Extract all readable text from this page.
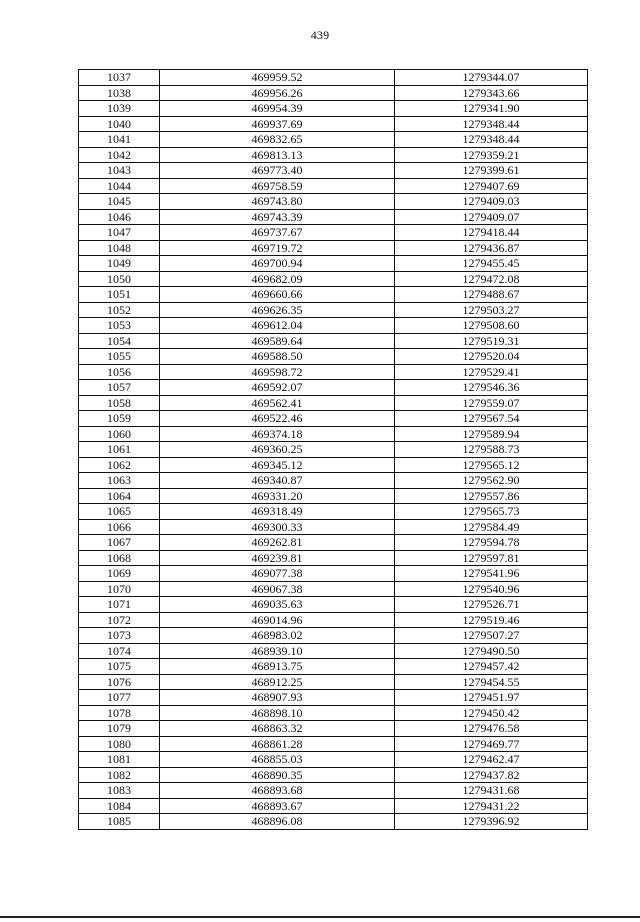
439
1037	469959.52	1279344.07
1038	469956.26	1279343.66
1039	469954.39	1279341.90
1040	469937.69	1279348.44
1041	469832.65	1279348.44
1042	469813.13	1279359.21
1043	469773.40	1279399.61
1044	469758.59	1279407.69
1045	469743.80	1279409.03
1046	469743.39	1279409.07
1047	469737.67	1279418.44
1048	469719.72	1279436.87
1049	469700.94	1279455.45
1050	469682.09	1279472.08
1051	469660.66	1279488.67
1052	469626.35	1279503.27
1053	469612.04	1279508.60
1054	469589.64	1279519.31
1055	469588.50	1279520.04
1056	469598.72	1279529.41
1057	469592.07	1279546.36
1058	469562.41	1279559.07
1059	469522.46	1279567.54
1060	469374.18	1279589.94
1061	469360.25	1279588.73
1062	469345.12	1279565.12
1063	469340.87	1279562.90
1064	469331.20	1279557.86
1065	469318.49	1279565.73
1066	469300.33	1279584.49
1067	469262.81	1279594.78
1068	469239.81	1279597.81
1069	469077.38	1279541.96
1070	469067.38	1279540.96
1071	469035.63	1279526.71
1072	469014.96	1279519.46
1073	468983.02	1279507.27
1074	468939.10	1279490.50
1075	468913.75	1279457.42
1076	468912.25	1279454.55
1077	468907.93	1279451.97
1078	468898.10	1279450.42
1079	468863.32	1279476.58
1080	468861.28	1279469.77
1081	468855.03	1279462.47
1082	468890.35	1279437.82
1083	468893.68	1279431.68
1084	468893.67	1279431.22
1085	468896.08	1279396.92
